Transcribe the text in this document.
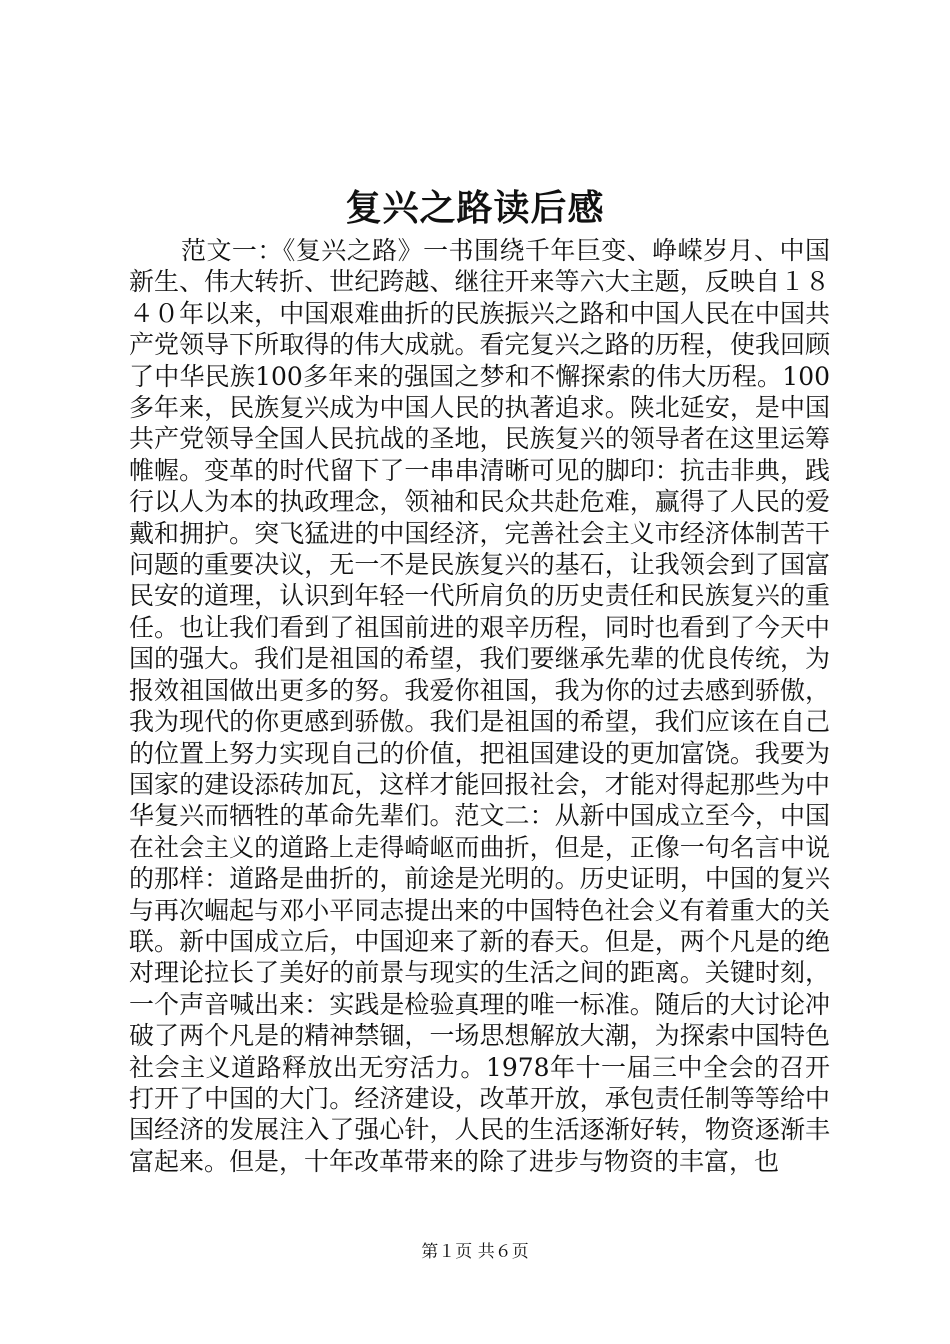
复兴之路读后感

范文一：《复兴之路》一书围绕千年巨变、峥嵘岁月、中国新生、伟大转折、世纪跨越、继往开来等六大主题，反映自１８４０年以来，中国艰难曲折的民族振兴之路和中国人民在中国共产党领导下所取得的伟大成就。看完复兴之路的历程，使我回顾了中华民族100多年来的强国之梦和不懈探索的伟大历程。100多年来，民族复兴成为中国人民的执著追求。陕北延安，是中国共产党领导全国人民抗战的圣地，民族复兴的领导者在这里运筹帷幄。变革的时代留下了一串串清晰可见的脚印：抗击非典，践行以人为本的执政理念，领袖和民众共赴危难，赢得了人民的爱戴和拥护。突飞猛进的中国经济，完善社会主义市经济体制苦干问题的重要决议，无一不是民族复兴的基石，让我领会到了国富民安的道理，认识到年轻一代所肩负的历史责任和民族复兴的重任。也让我们看到了祖国前进的艰辛历程，同时也看到了今天中国的强大。我们是祖国的希望，我们要继承先辈的优良传统，为报效祖国做出更多的努。我爱你祖国，我为你的过去感到骄傲，我为现代的你更感到骄傲。我们是祖国的希望，我们应该在自己的位置上努力实现自己的价值，把祖国建设的更加富饶。我要为国家的建设添砖加瓦，这样才能回报社会，才能对得起那些为中华复兴而牺牲的革命先辈们。范文二：从新中国成立至今，中国在社会主义的道路上走得崎岖而曲折，但是，正像一句名言中说的那样：道路是曲折的，前途是光明的。历史证明，中国的复兴与再次崛起与邓小平同志提出来的中国特色社会义有着重大的关联。新中国成立后，中国迎来了新的春天。但是，两个凡是的绝对理论拉长了美好的前景与现实的生活之间的距离。关键时刻，一个声音喊出来：实践是检验真理的唯一标准。随后的大讨论冲破了两个凡是的精神禁锢，一场思想解放大潮，为探索中国特色社会主义道路释放出无穷活力。1978年十一届三中全会的召开打开了中国的大门。经济建设，改革开放，承包责任制等等给中国经济的发展注入了强心针，人民的生活逐渐好转，物资逐渐丰富起来。但是，十年改革带来的除了进步与物资的丰富，也

第１页 共６页
